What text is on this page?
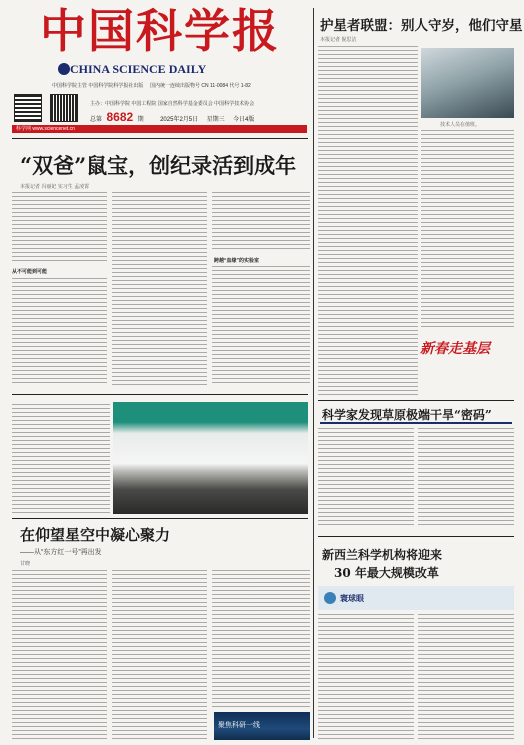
中国科学报
CHINA SCIENCE DAILY
中国科学院主管 中国科学院科学报社出版
主办：中国科学院 中国工程院 国家自然科学基金委员会 中国科学技术协会
国内统一连续出版物号 CN 11-0084 代号 1-82
总第 8682 期	2025年2月5日 星期三 今日4版
科学网 www.sciencenet.cn
“双爸”鼠宝，创纪录活到成年
本报记者 冯丽妃 实习生 孟凌霄
从不可能到可能
跨越“血缘”的实验室
在仰望星空中凝心聚力
——从“东方红一号”再出发
甘晓
聚焦科研一线
护星者联盟：别人守岁，他们守星
本报记者 倪思洁
技术人员在值班。
新春走基层
科学家发现草原极端干旱“密码”
新西兰科学机构将迎来
30 年最大规模改革
寰球眼
